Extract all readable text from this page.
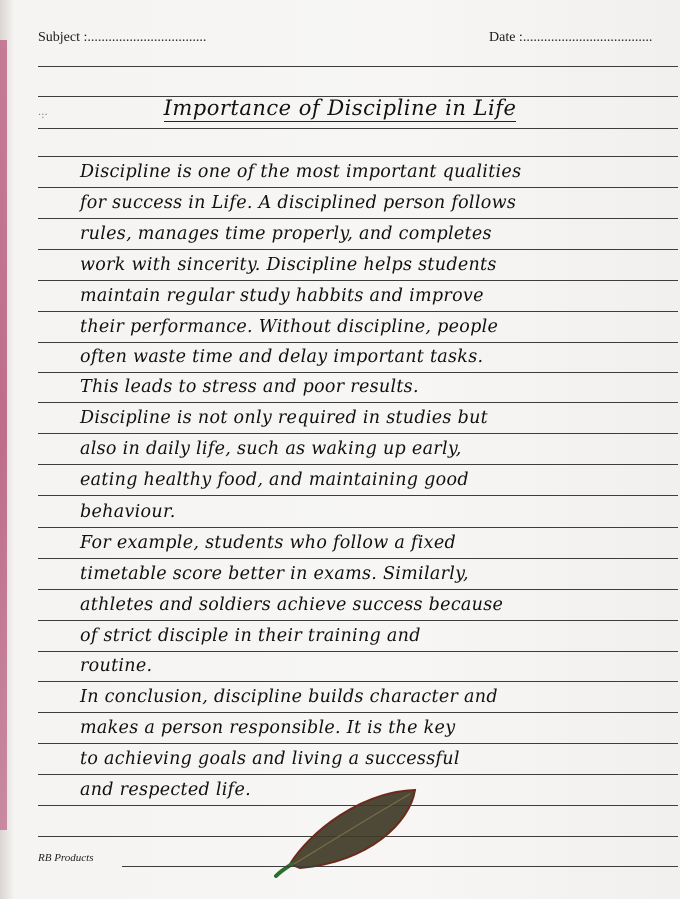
Subject :..................................	Date :.....................................
·:·	Importance of Discipline in Life
Discipline is one of the most important qualities
for success in Life. A disciplined person follows
rules, manages time properly, and completes
work with sincerity. Discipline helps students
maintain regular study habbits and improve
their performance. Without discipline, people
often waste time and delay important tasks.
This leads to stress and poor results.
Discipline is not only required in studies but
also in daily life, such as waking up early,
eating healthy food, and maintaining good
behaviour.
For example, students who follow a fixed
timetable score better in exams. Similarly,
athletes and soldiers achieve success because
of strict disciple in their training and
routine.
In conclusion, discipline builds character and
makes a person responsible. It is the key
to achieving goals and living a successful
and respected life.
RB Products
